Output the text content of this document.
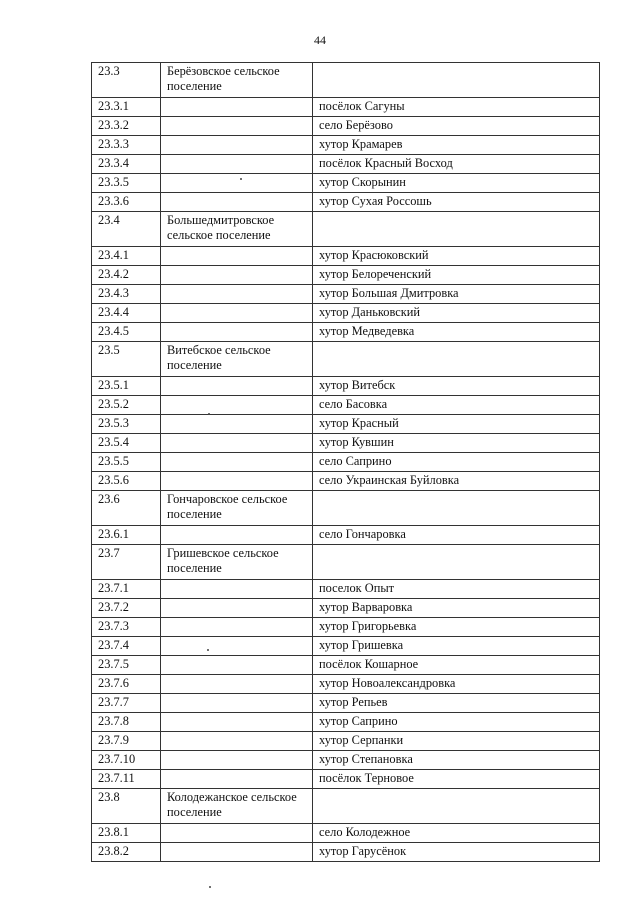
44
23.3	Берёзовское сельское поселение	
23.3.1		посёлок Сагуны
23.3.2		село Берёзово
23.3.3		хутор Крамарев
23.3.4		посёлок Красный Восход
23.3.5		хутор Скорынин
23.3.6		хутор Сухая Россошь
23.4	Большедмитровское сельское поселение	
23.4.1		хутор Красюковский
23.4.2		хутор Белореченский
23.4.3		хутор Большая Дмитровка
23.4.4		хутор Даньковский
23.4.5		хутор Медведевка
23.5	Витебское сельское поселение	
23.5.1		хутор Витебск
23.5.2		село Басовка
23.5.3		хутор Красный
23.5.4		хутор Кувшин
23.5.5		село Саприно
23.5.6		село Украинская Буйловка
23.6	Гончаровское сельское поселение	
23.6.1		село Гончаровка
23.7	Гришевское сельское поселение	
23.7.1		поселок Опыт
23.7.2		хутор Варваровка
23.7.3		хутор Григорьевка
23.7.4		хутор Гришевка
23.7.5		посёлок Кошарное
23.7.6		хутор Новоалександровка
23.7.7		хутор Репьев
23.7.8		хутор Саприно
23.7.9		хутор Серпанки
23.7.10		хутор Степановка
23.7.11		посёлок Терновое
23.8	Колодежанское сельское поселение	
23.8.1		село Колодежное
23.8.2		хутор Гарусёнок
